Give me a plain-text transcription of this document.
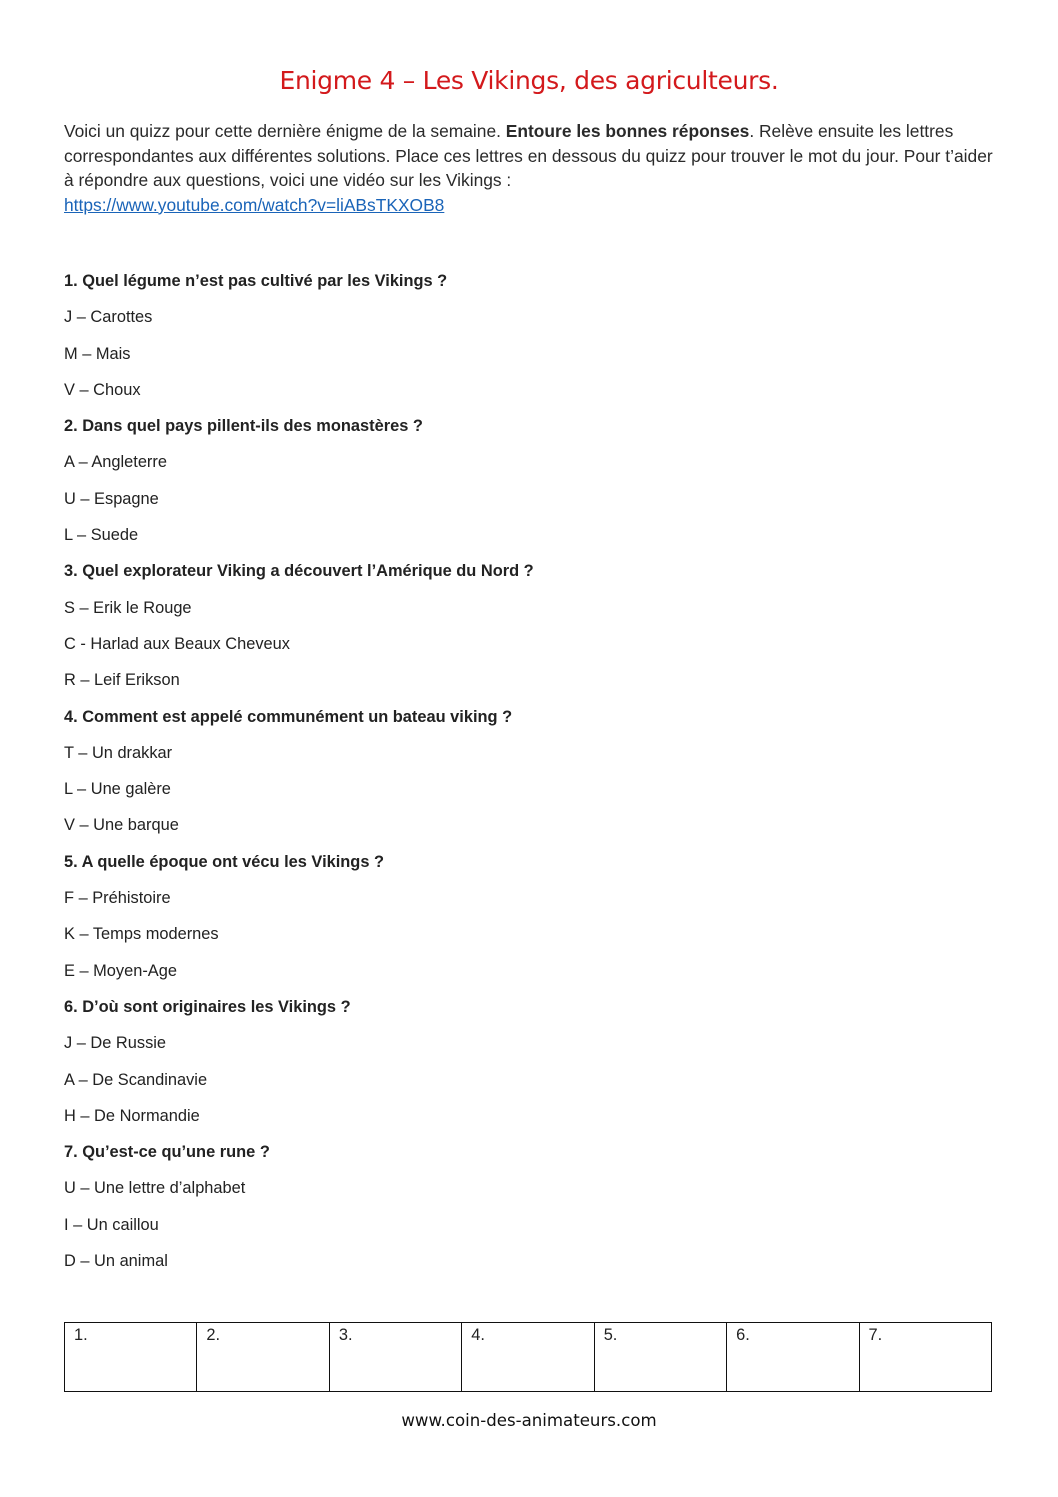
Enigme 4 – Les Vikings, des agriculteurs.
Voici un quizz pour cette dernière énigme de la semaine. Entoure les bonnes réponses. Relève ensuite les lettres correspondantes aux différentes solutions. Place ces lettres en dessous du quizz pour trouver le mot du jour. Pour t’aider à répondre aux questions, voici une vidéo sur les Vikings :
https://www.youtube.com/watch?v=liABsTKXOB8
1. Quel légume n’est pas cultivé par les Vikings ?
J – Carottes
M – Mais
V – Choux
2. Dans quel pays pillent-ils des monastères ?
A – Angleterre
U – Espagne
L – Suede
3. Quel explorateur Viking a découvert l’Amérique du Nord ?
S – Erik le Rouge
C - Harlad aux Beaux Cheveux
R – Leif Erikson
4. Comment est appelé communément un bateau viking ?
T – Un drakkar
L – Une galère
V – Une barque
5. A quelle époque ont vécu les Vikings ?
F – Préhistoire
K – Temps modernes
E – Moyen-Age
6. D’où sont originaires les Vikings ?
J – De Russie
A – De Scandinavie
H – De Normandie
7. Qu’est-ce qu’une rune ?
U – Une lettre d’alphabet
I – Un caillou
D – Un animal
1.	2.	3.	4.	5.	6.	7.
www.coin-des-animateurs.com
